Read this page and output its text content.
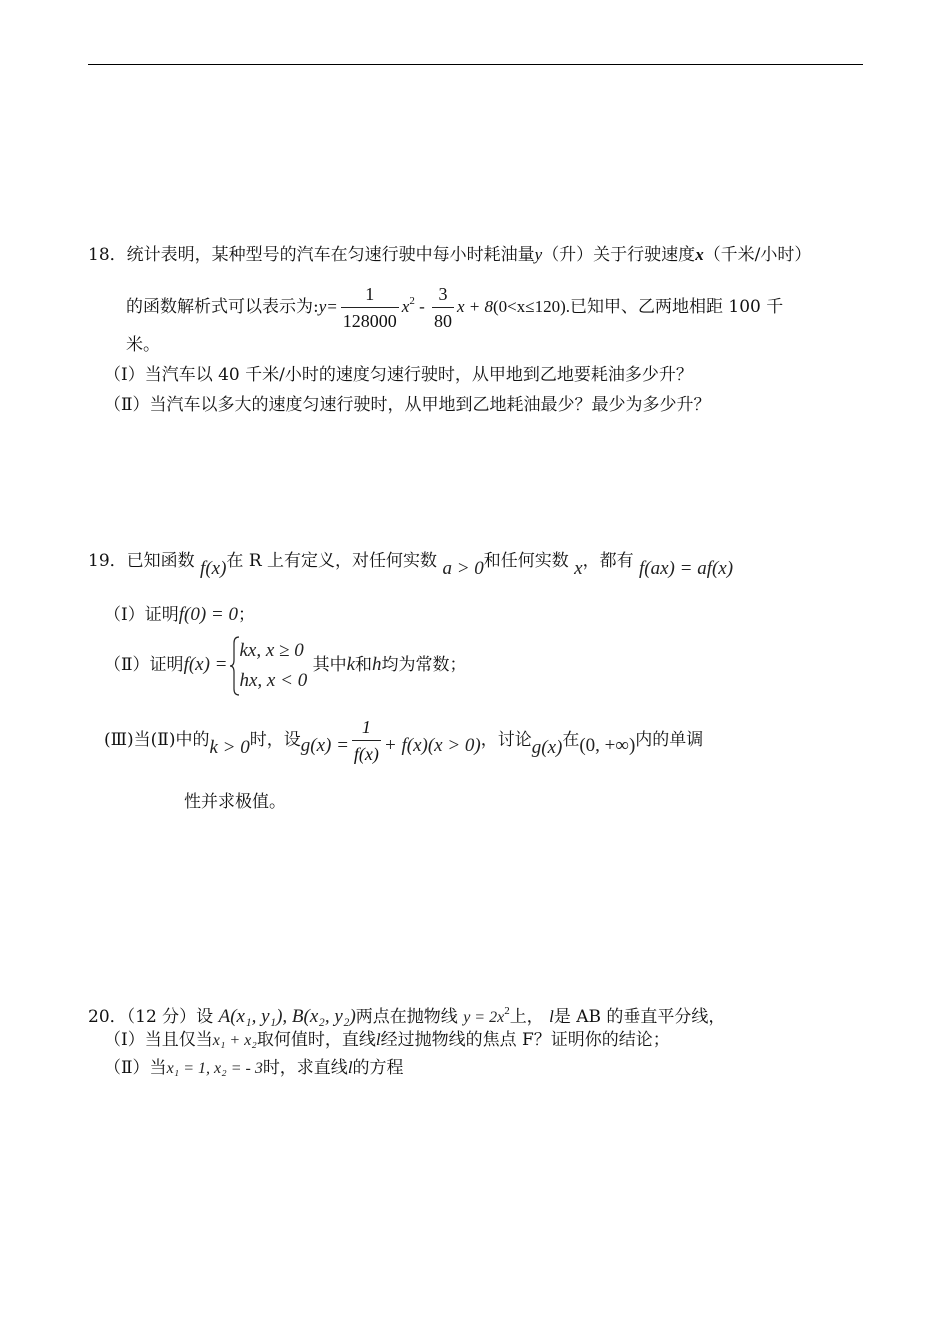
18．统计表明，某种型号的汽车在匀速行驶中每小时耗油量y（升）关于行驶速度x（千米/小时）
的函数解析式可以表示为:y= $\frac{1}{128000} x^2 - \frac{3}{80}$ x + 8(0<x≤120).已知甲、乙两地相距 100 千
米。
（Ⅰ）当汽车以 40 千米/小时的速度匀速行驶时，从甲地到乙地要耗油多少升？
（Ⅱ）当汽车以多大的速度匀速行驶时，从甲地到乙地耗油最少？最少为多少升？
19．已知函数 f(x)在 R 上有定义，对任何实数 a > 0和任何实数 x，都有 f(ax) = af(x)
（Ⅰ）证明f(0) = 0；
（Ⅱ）证明f(x) =
kx, x ≥ 0
hx, x < 0
其中k和h均为常数；
(Ⅲ)当(Ⅱ)中的k > 0时，设$g(x) = \frac{1}{f(x)} + f(x)(x > 0)$，讨论g(x)在(0, +∞)内的单调
性并求极值。
20．（12 分）设 A(x₁, y₁), B(x₂, y₂)两点在抛物线 $y = 2x^2$上， l是 AB 的垂直平分线，
（Ⅰ）当且仅当x₁ + x₂取何值时，直线l经过抛物线的焦点 F？证明你的结论；
（Ⅱ）当x₁ = 1, x₂ = - 3时，求直线l的方程
